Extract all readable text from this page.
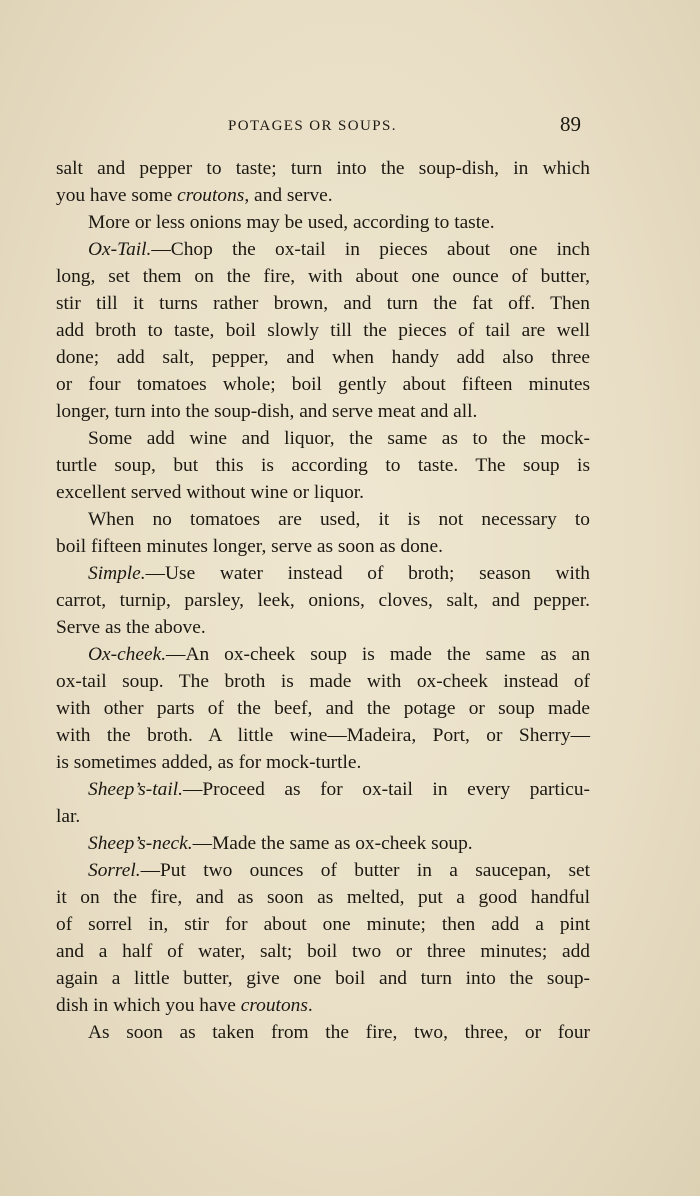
POTAGES OR SOUPS.	89
salt and pepper to taste; turn into the soup-dish, in which
you have some croutons, and serve.
More or less onions may be used, according to taste.
Ox-Tail.—Chop the ox-tail in pieces about one inch
long, set them on the fire, with about one ounce of butter,
stir till it turns rather brown, and turn the fat off. Then
add broth to taste, boil slowly till the pieces of tail are well
done; add salt, pepper, and when handy add also three
or four tomatoes whole; boil gently about fifteen minutes
longer, turn into the soup-dish, and serve meat and all.
Some add wine and liquor, the same as to the mock-
turtle soup, but this is according to taste. The soup is
excellent served without wine or liquor.
When no tomatoes are used, it is not necessary to
boil fifteen minutes longer, serve as soon as done.
Simple.—Use water instead of broth; season with
carrot, turnip, parsley, leek, onions, cloves, salt, and pepper.
Serve as the above.
Ox-cheek.—An ox-cheek soup is made the same as an
ox-tail soup. The broth is made with ox-cheek instead of
with other parts of the beef, and the potage or soup made
with the broth. A little wine—Madeira, Port, or Sherry—
is sometimes added, as for mock-turtle.
Sheep’s-tail.—Proceed as for ox-tail in every particu-
lar.
Sheep’s-neck.—Made the same as ox-cheek soup.
Sorrel.—Put two ounces of butter in a saucepan, set
it on the fire, and as soon as melted, put a good handful
of sorrel in, stir for about one minute; then add a pint
and a half of water, salt; boil two or three minutes; add
again a little butter, give one boil and turn into the soup-
dish in which you have croutons.
As soon as taken from the fire, two, three, or four
